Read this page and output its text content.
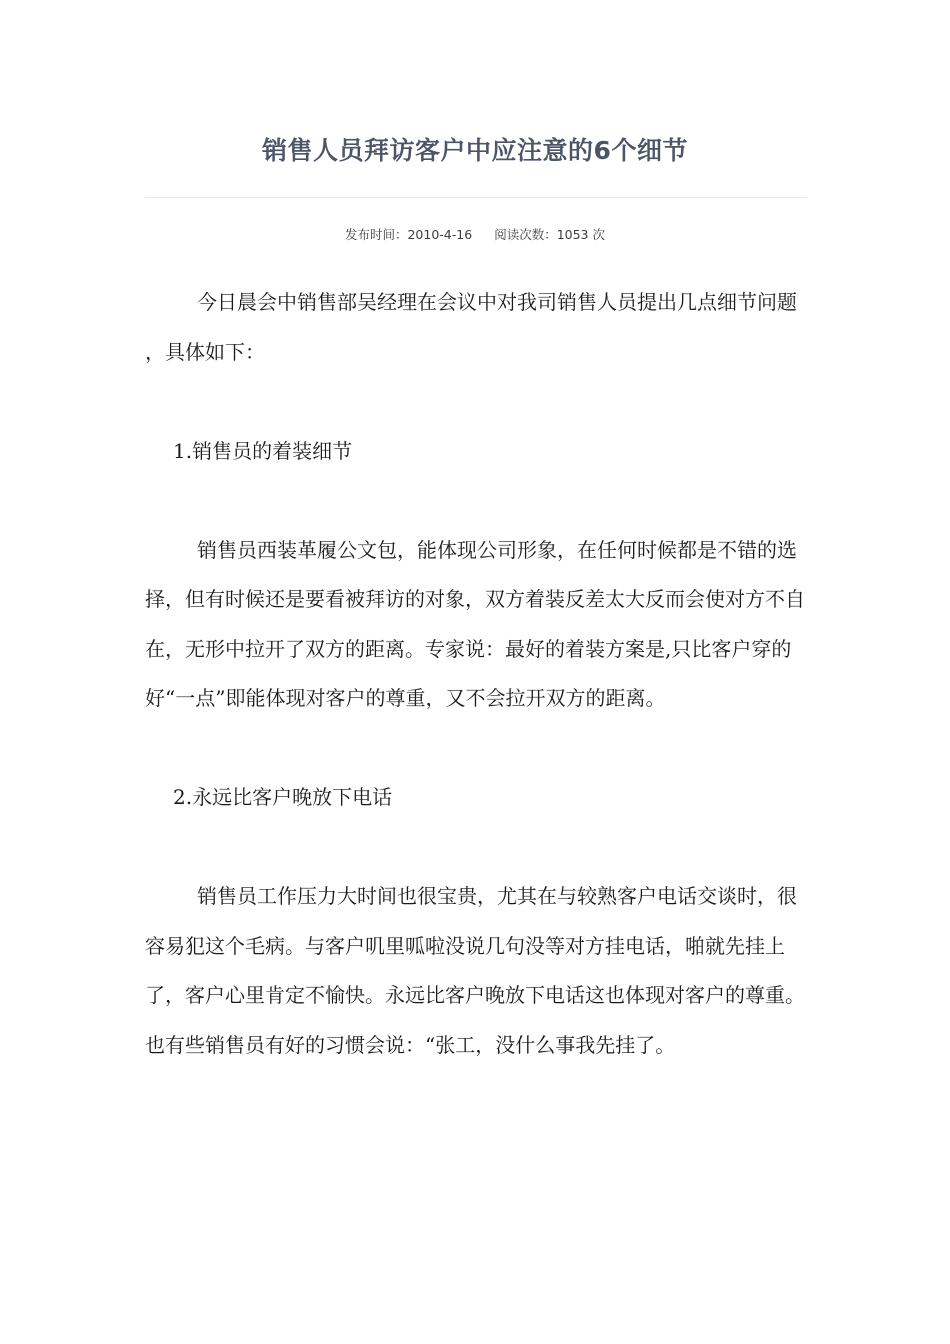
销售人员拜访客户中应注意的6个细节
发布时间：2010-4-16 阅读次数：1053 次

今日晨会中销售部吴经理在会议中对我司销售人员提出几点细节问题 ，具体如下：

1.销售员的着装细节

销售员西装革履公文包，能体现公司形象，在任何时候都是不错的选择，但有时候还是要看被拜访的对象，双方着装反差太大反而会使对方不自在，无形中拉开了双方的距离。专家说：最好的着装方案是,只比客户穿的好“一点”即能体现对客户的尊重，又不会拉开双方的距离。

2.永远比客户晚放下电话

销售员工作压力大时间也很宝贵，尤其在与较熟客户电话交谈时，很容易犯这个毛病。与客户叽里呱啦没说几句没等对方挂电话，啪就先挂上了，客户心里肯定不愉快。永远比客户晚放下电话这也体现对客户的尊重。也有些销售员有好的习惯会说：“张工，没什么事我先挂了。
